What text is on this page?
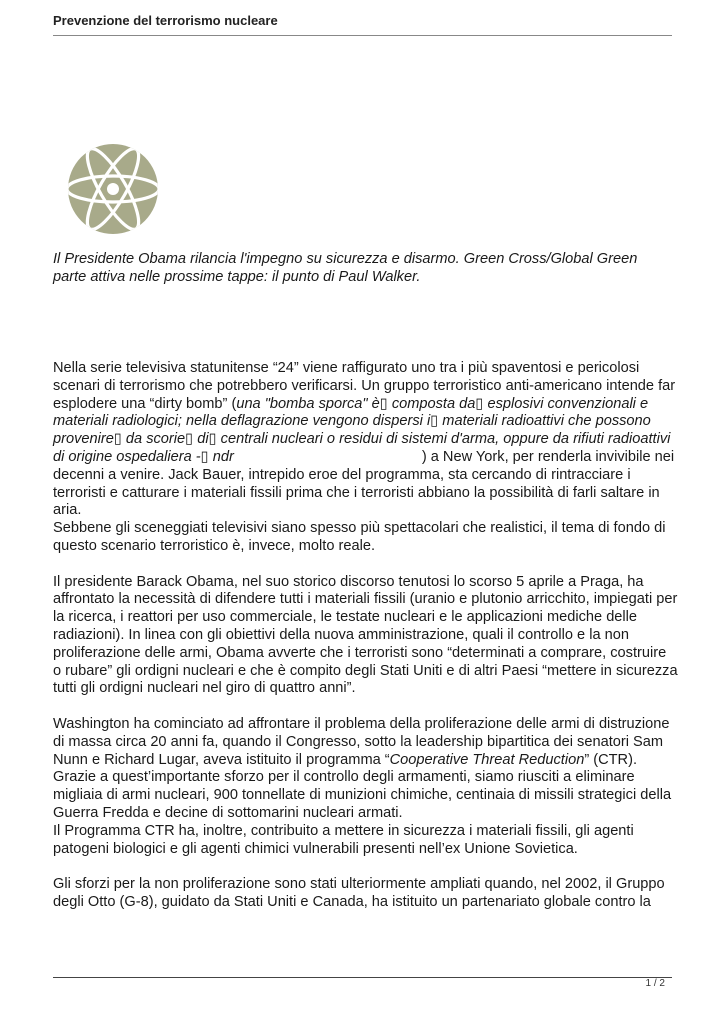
Prevenzione del terrorismo nucleare

Il Presidente Obama rilancia l'impegno su sicurezza e disarmo. Green Cross/Global Green parte attiva nelle prossime tappe: il punto di Paul Walker.

Nella serie televisiva statunitense “24” viene raffigurato uno tra i più spaventosi e pericolosi scenari di terrorismo che potrebbero verificarsi. Un gruppo terroristico anti-americano intende far esplodere una “dirty bomb” (una "bomba sporca" è▯ composta da▯ esplosivi convenzionali e materiali radiologici; nella deflagrazione vengono dispersi i▯ materiali radioattivi che possono provenire▯ da scorie▯ di▯ centrali nucleari o residui di sistemi d'arma, oppure da rifiuti radioattivi di origine ospedaliera -▯ ndr	) a New York, per renderla invivibile nei decenni a venire. Jack Bauer, intrepido eroe del programma, sta cercando di rintracciare i terroristi e catturare i materiali fissili prima che i terroristi abbiano la possibilità di farli saltare in aria.

Sebbene gli sceneggiati televisivi siano spesso più spettacolari che realistici, il tema di fondo di questo scenario terroristico è, invece, molto reale.

Il presidente Barack Obama, nel suo storico discorso tenutosi lo scorso 5 aprile a Praga, ha affrontato la necessità di difendere tutti i materiali fissili (uranio e plutonio arricchito, impiegati per la ricerca, i reattori per uso commerciale, le testate nucleari e le applicazioni mediche delle radiazioni). In linea con gli obiettivi della nuova amministrazione, quali il controllo e la non proliferazione delle armi, Obama avverte che i terroristi sono “determinati a comprare, costruire o rubare” gli ordigni nucleari e che è compito degli Stati Uniti e di altri Paesi “mettere in sicurezza tutti gli ordigni nucleari nel giro di quattro anni”.

Washington ha cominciato ad affrontare il problema della proliferazione delle armi di distruzione di massa circa 20 anni fa, quando il Congresso, sotto la leadership bipartitica dei senatori Sam Nunn e Richard Lugar, aveva istituito il programma “Cooperative Threat Reduction” (CTR). Grazie a quest’importante sforzo per il controllo degli armamenti, siamo riusciti a eliminare migliaia di armi nucleari, 900 tonnellate di munizioni chimiche, centinaia di missili strategici della Guerra Fredda e decine di sottomarini nucleari armati.

Il Programma CTR ha, inoltre, contribuito a mettere in sicurezza i materiali fissili, gli agenti patogeni biologici e gli agenti chimici vulnerabili presenti nell’ex Unione Sovietica.

Gli sforzi per la non proliferazione sono stati ulteriormente ampliati quando, nel 2002, il Gruppo degli Otto (G-8), guidato da Stati Uniti e Canada, ha istituito un partenariato globale contro la

1 / 2
